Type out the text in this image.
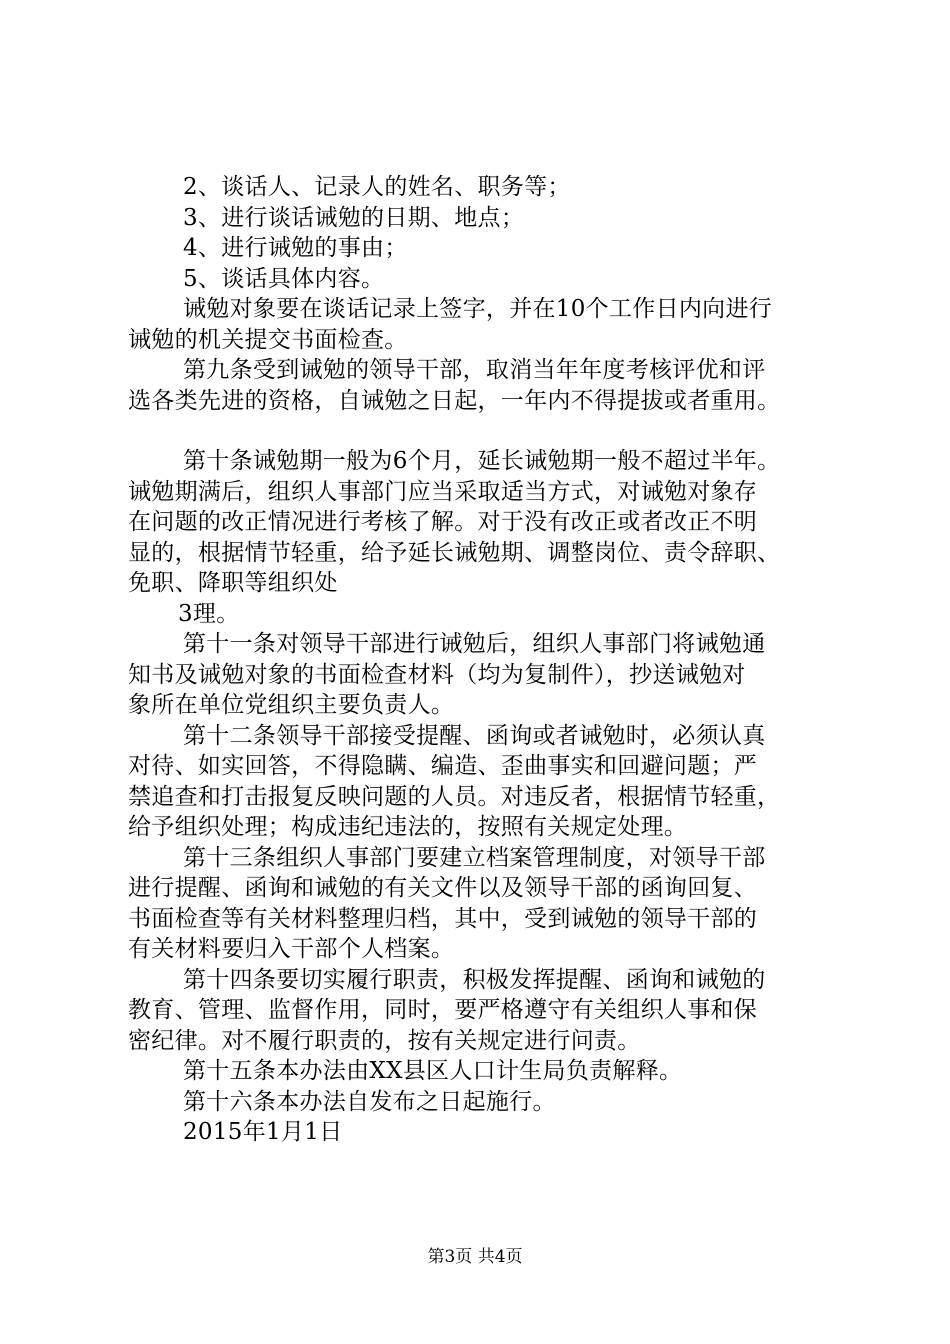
2、谈话人、记录人的姓名、职务等；
3、进行谈话诫勉的日期、地点；
4、进行诫勉的事由；
5、谈话具体内容。
诫勉对象要在谈话记录上签字，并在10个工作日内向进行
诫勉的机关提交书面检查。
第九条受到诫勉的领导干部，取消当年年度考核评优和评
选各类先进的资格，自诫勉之日起，一年内不得提拔或者重用。
第十条诫勉期一般为6个月，延长诫勉期一般不超过半年。
诫勉期满后，组织人事部门应当采取适当方式，对诫勉对象存
在问题的改正情况进行考核了解。对于没有改正或者改正不明
显的，根据情节轻重，给予延长诫勉期、调整岗位、责令辞职、
免职、降职等组织处
3理。
第十一条对领导干部进行诫勉后，组织人事部门将诫勉通
知书及诫勉对象的书面检查材料（均为复制件），抄送诫勉对
象所在单位党组织主要负责人。
第十二条领导干部接受提醒、函询或者诫勉时，必须认真
对待、如实回答，不得隐瞒、编造、歪曲事实和回避问题；严
禁追查和打击报复反映问题的人员。对违反者，根据情节轻重，
给予组织处理；构成违纪违法的，按照有关规定处理。
第十三条组织人事部门要建立档案管理制度，对领导干部
进行提醒、函询和诫勉的有关文件以及领导干部的函询回复、
书面检查等有关材料整理归档，其中，受到诫勉的领导干部的
有关材料要归入干部个人档案。
第十四条要切实履行职责，积极发挥提醒、函询和诫勉的
教育、管理、监督作用，同时，要严格遵守有关组织人事和保
密纪律。对不履行职责的，按有关规定进行问责。
第十五条本办法由XX县区人口计生局负责解释。
第十六条本办法自发布之日起施行。
2015年1月1日
第3页 共4页
